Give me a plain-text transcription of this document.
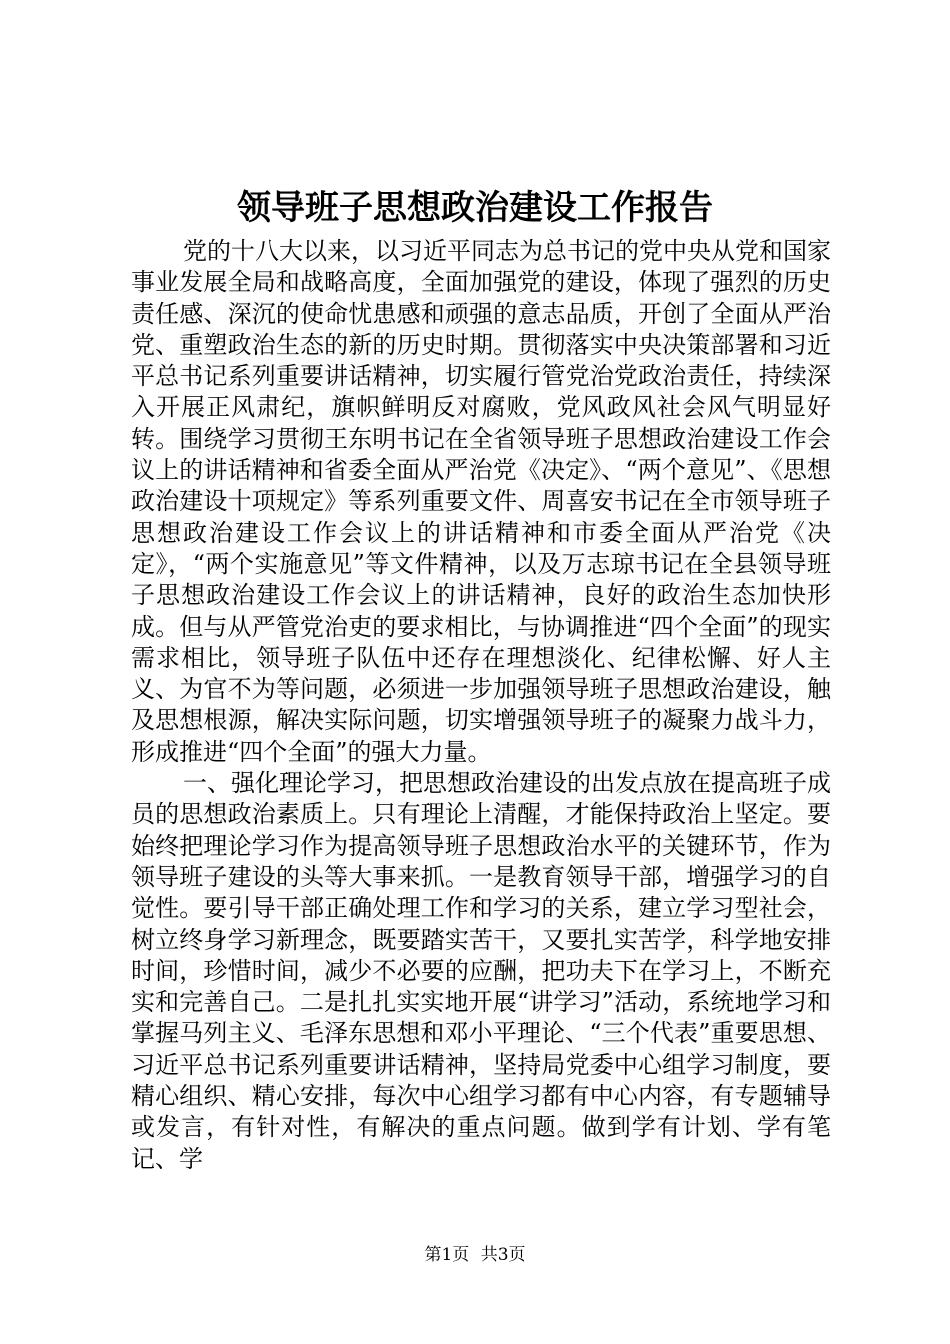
领导班子思想政治建设工作报告

党的十八大以来，以习近平同志为总书记的党中央从党和国家事业发展全局和战略高度，全面加强党的建设，体现了强烈的历史责任感、深沉的使命忧患感和顽强的意志品质，开创了全面从严治党、重塑政治生态的新的历史时期。贯彻落实中央决策部署和习近平总书记系列重要讲话精神，切实履行管党治党政治责任，持续深入开展正风肃纪，旗帜鲜明反对腐败，党风政风社会风气明显好转。围绕学习贯彻王东明书记在全省领导班子思想政治建设工作会议上的讲话精神和省委全面从严治党《决定》、“两个意见”、《思想政治建设十项规定》等系列重要文件、周喜安书记在全市领导班子思想政治建设工作会议上的讲话精神和市委全面从严治党《决定》，“两个实施意见”等文件精神，以及万志琼书记在全县领导班子思想政治建设工作会议上的讲话精神，良好的政治生态加快形成。但与从严管党治吏的要求相比，与协调推进“四个全面”的现实需求相比，领导班子队伍中还存在理想淡化、纪律松懈、好人主义、为官不为等问题，必须进一步加强领导班子思想政治建设，触及思想根源，解决实际问题，切实增强领导班子的凝聚力战斗力，形成推进“四个全面”的强大力量。

一、强化理论学习，把思想政治建设的出发点放在提高班子成员的思想政治素质上。只有理论上清醒，才能保持政治上坚定。要始终把理论学习作为提高领导班子思想政治水平的关键环节，作为领导班子建设的头等大事来抓。一是教育领导干部，增强学习的自觉性。要引导干部正确处理工作和学习的关系，建立学习型社会，树立终身学习新理念，既要踏实苦干，又要扎实苦学，科学地安排时间，珍惜时间，减少不必要的应酬，把功夫下在学习上，不断充实和完善自己。二是扎扎实实地开展“讲学习”活动，系统地学习和掌握马列主义、毛泽东思想和邓小平理论、“三个代表”重要思想、习近平总书记系列重要讲话精神，坚持局党委中心组学习制度，要精心组织、精心安排，每次中心组学习都有中心内容，有专题辅导或发言，有针对性，有解决的重点问题。做到学有计划、学有笔记、学

第1页 共3页
